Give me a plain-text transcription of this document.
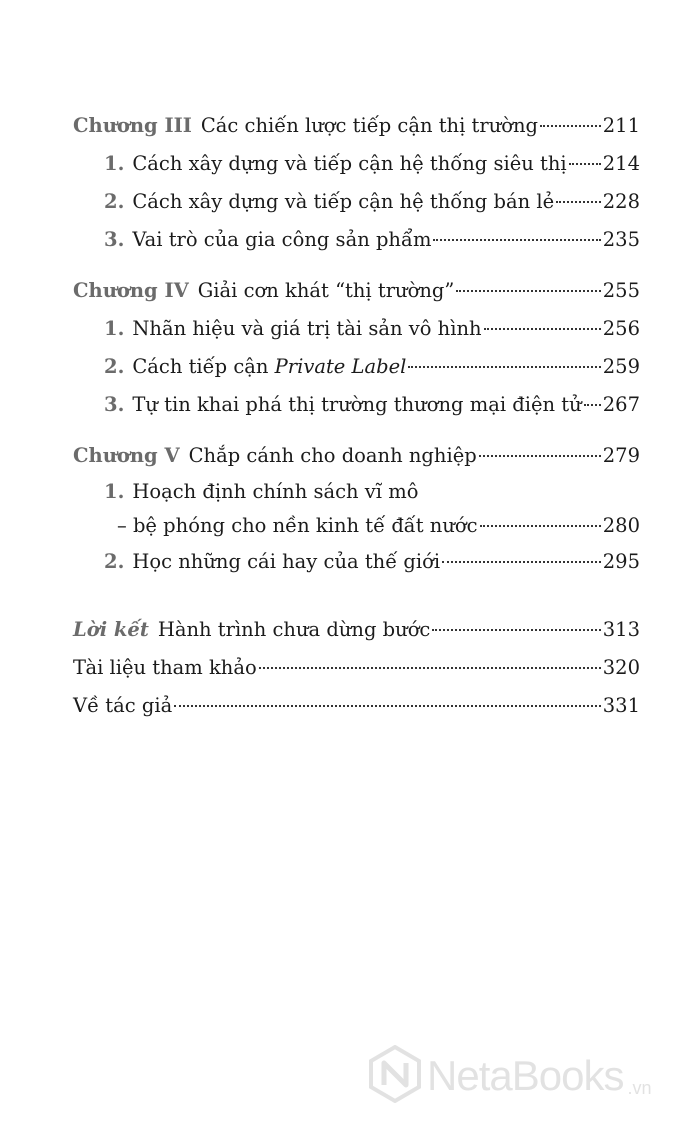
Chương III Các chiến lược tiếp cận thị trường	211
1. Cách xây dựng và tiếp cận hệ thống siêu thị 214
2. Cách xây dựng và tiếp cận hệ thống bán lẻ 228
3. Vai trò của gia công sản phẩm	235
Chương IV Giải cơn khát “thị trường”	255
1. Nhãn hiệu và giá trị tài sản vô hình	256
2. Cách tiếp cận Private Label	259
3. Tự tin khai phá thị trường thương mại điện tử 267
Chương V Chắp cánh cho doanh nghiệp	279
1. Hoạch định chính sách vĩ mô
– bệ phóng cho nền kinh tế đất nước	280
2. Học những cái hay của thế giới	295
Lời kết Hành trình chưa dừng bước	313
Tài liệu tham khảo	320
Về tác giả	331
NetaBooks .vn
